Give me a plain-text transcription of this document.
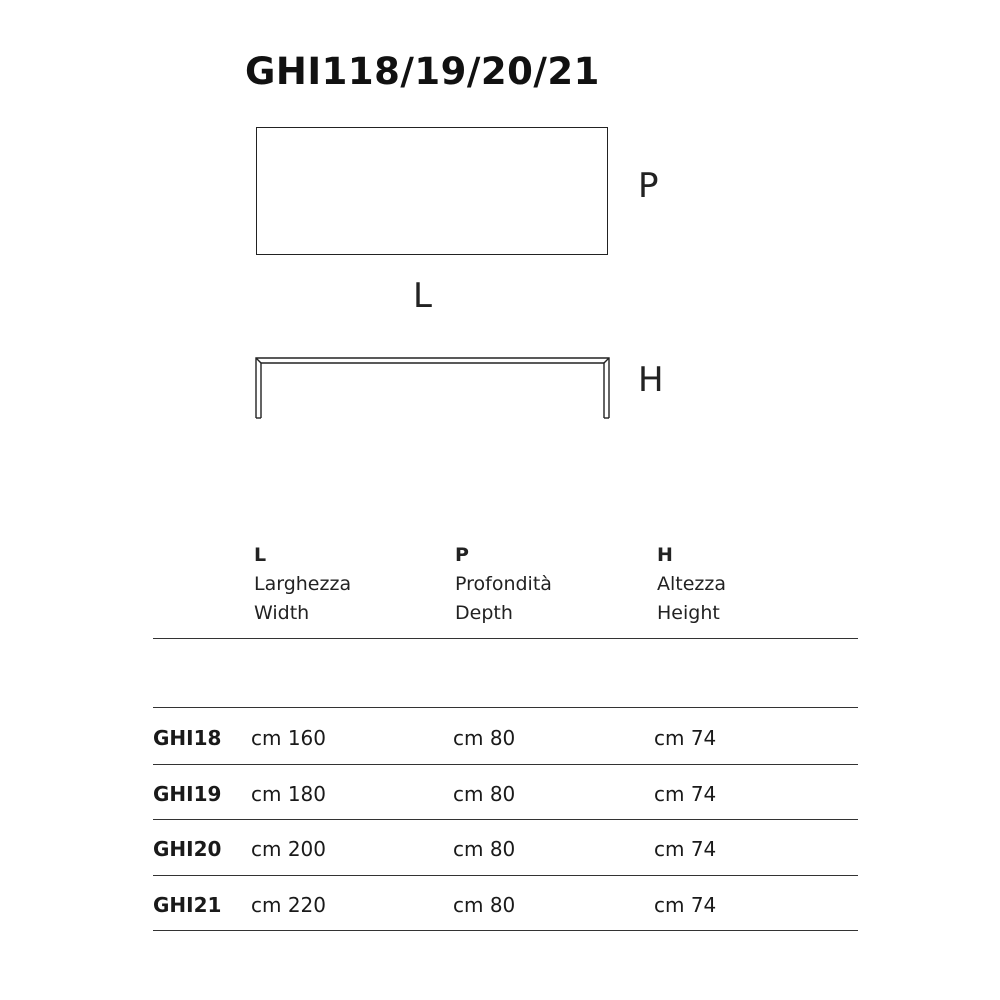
GHI118/19/20/21
P
L
H
L
Larghezza
Width
P
Profondità
Depth
H
Altezza
Height
GHI18 cm 160	cm 80	cm 74
GHI19 cm 180	cm 80	cm 74
GHI20 cm 200	cm 80	cm 74
GHI21 cm 220	cm 80	cm 74
